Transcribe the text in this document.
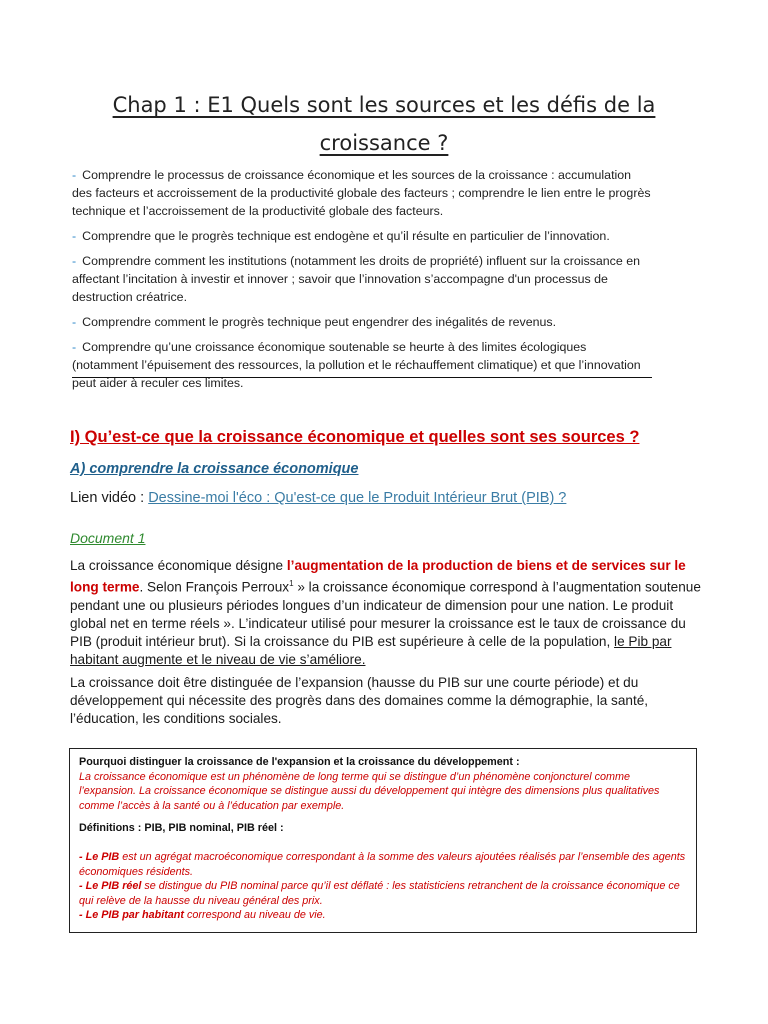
Chap 1 : E1 Quels sont les sources et les défis de la
croissance ?

- Comprendre le processus de croissance économique et les sources de la croissance : accumulation des facteurs et accroissement de la productivité globale des facteurs ; comprendre le lien entre le progrès technique et l’accroissement de la productivité globale des facteurs.

- Comprendre que le progrès technique est endogène et qu’il résulte en particulier de l’innovation.

- Comprendre comment les institutions (notamment les droits de propriété) influent sur la croissance en affectant l’incitation à investir et innover ; savoir que l’innovation s’accompagne d'un processus de destruction créatrice.

- Comprendre comment le progrès technique peut engendrer des inégalités de revenus.

- Comprendre qu’une croissance économique soutenable se heurte à des limites écologiques (notamment l’épuisement des ressources, la pollution et le réchauffement climatique) et que l’innovation peut aider à reculer ces limites.

I) Qu’est-ce que la croissance économique et quelles sont ses sources ?
A) comprendre la croissance économique
Lien vidéo : Dessine-moi l'éco : Qu'est-ce que le Produit Intérieur Brut (PIB) ?
Document 1

La croissance économique désigne l’augmentation de la production de biens et de services sur le long terme. Selon François Perroux$^1$ » la croissance économique correspond à l’augmentation soutenue pendant une ou plusieurs périodes longues d’un indicateur de dimension pour une nation. Le produit global net en terme réels ». L’indicateur utilisé pour mesurer la croissance est le taux de croissance du PIB (produit intérieur brut). Si la croissance du PIB est supérieure à celle de la population, le Pib par habitant augmente et le niveau de vie s’améliore.

La croissance doit être distinguée de l’expansion (hausse du PIB sur une courte période) et du développement qui nécessite des progrès dans des domaines comme la démographie, la santé, l’éducation, les conditions sociales.

Pourquoi distinguer la croissance de l'expansion et la croissance du développement :

La croissance économique est un phénomène de long terme qui se distingue d’un phénomène conjoncturel comme l’expansion. La croissance économique se distingue aussi du développement qui intègre des dimensions plus qualitatives comme l’accès à la santé ou à l’éducation par exemple.

Définitions : PIB, PIB nominal, PIB réel :

- Le PIB est un agrégat macroéconomique correspondant à la somme des valeurs ajoutées réalisés par l’ensemble des agents économiques résidents.

- Le PIB réel se distingue du PIB nominal parce qu’il est déflaté : les statisticiens retranchent de la croissance économique ce qui relève de la hausse du niveau général des prix.

- Le PIB par habitant correspond au niveau de vie.
